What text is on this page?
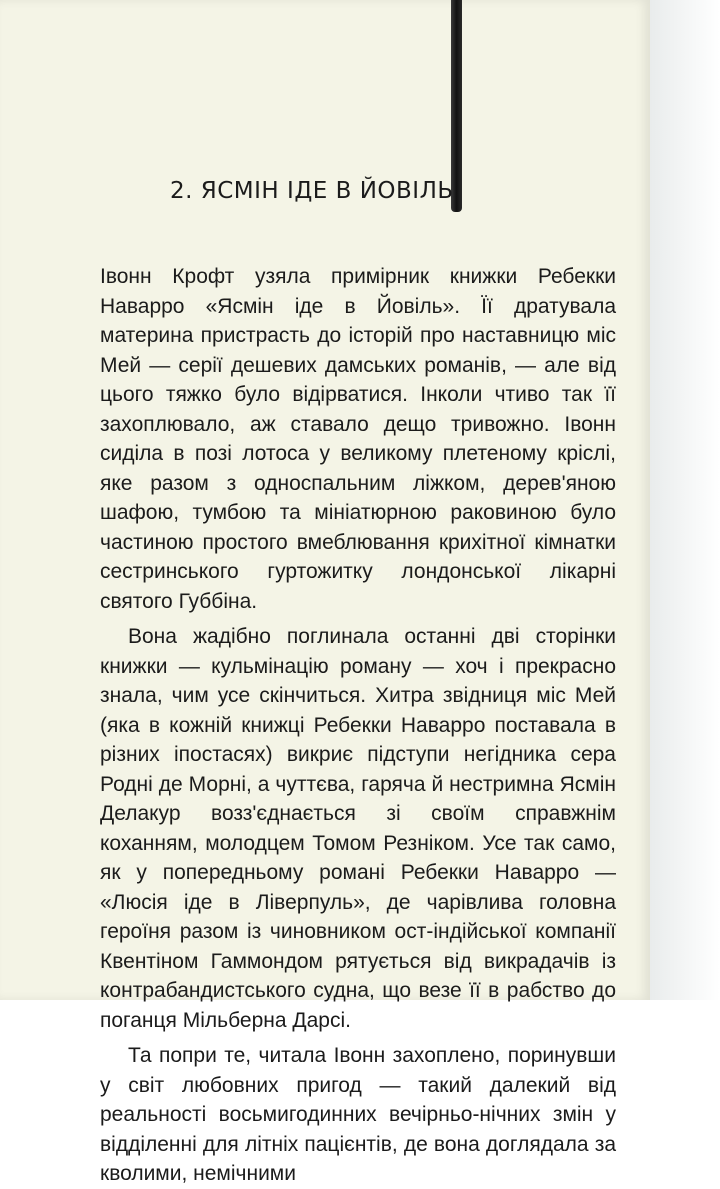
2. ЯСМІН ІДЕ В ЙОВІЛЬ

Івонн Крофт узяла примірник книжки Ребекки Наварро «Ясмін іде в Йовіль». Її дратувала материна пристрасть до історій про наставницю міс Мей — серії дешевих дамських романів, — але від цього тяжко було відірватися. Інколи чтиво так її захоплювало, аж ставало дещо тривожно. Івонн сиділа в позі лотоса у великому плетеному кріслі, яке разом з односпальним ліжком, дерев'яною шафою, тумбою та мініатюрною раковиною було частиною простого вмеблювання крихітної кімнатки сестринського гуртожитку лондонської лікарні святого Губбіна.

Вона жадібно поглинала останні дві сторінки книжки — кульмінацію роману — хоч і прекрасно знала, чим усе скінчиться. Хитра звідниця міс Мей (яка в кожній книжці Ребекки Наварро поставала в різних іпостасях) викриє підступи негідника сера Родні де Морні, а чуттєва, гаряча й нестримна Ясмін Делакур возз'єднається зі своїм справжнім коханням, молодцем Томом Резніком. Усе так само, як у попередньому романі Ребекки Наварро — «Люсія іде в Ліверпуль», де чарівлива головна героїня разом із чиновником ост-індійської компанії Квентіном Гаммондом рятується від викрадачів із контрабандистського судна, що везе її в рабство до поганця Мільберна Дарсі.

Та попри те, читала Івонн захоплено, поринувши у світ любовних пригод — такий далекий від реальності восьмигодинних вечірньо-нічних змін у відділенні для літніх пацієнтів, де вона доглядала за кволими, немічними
